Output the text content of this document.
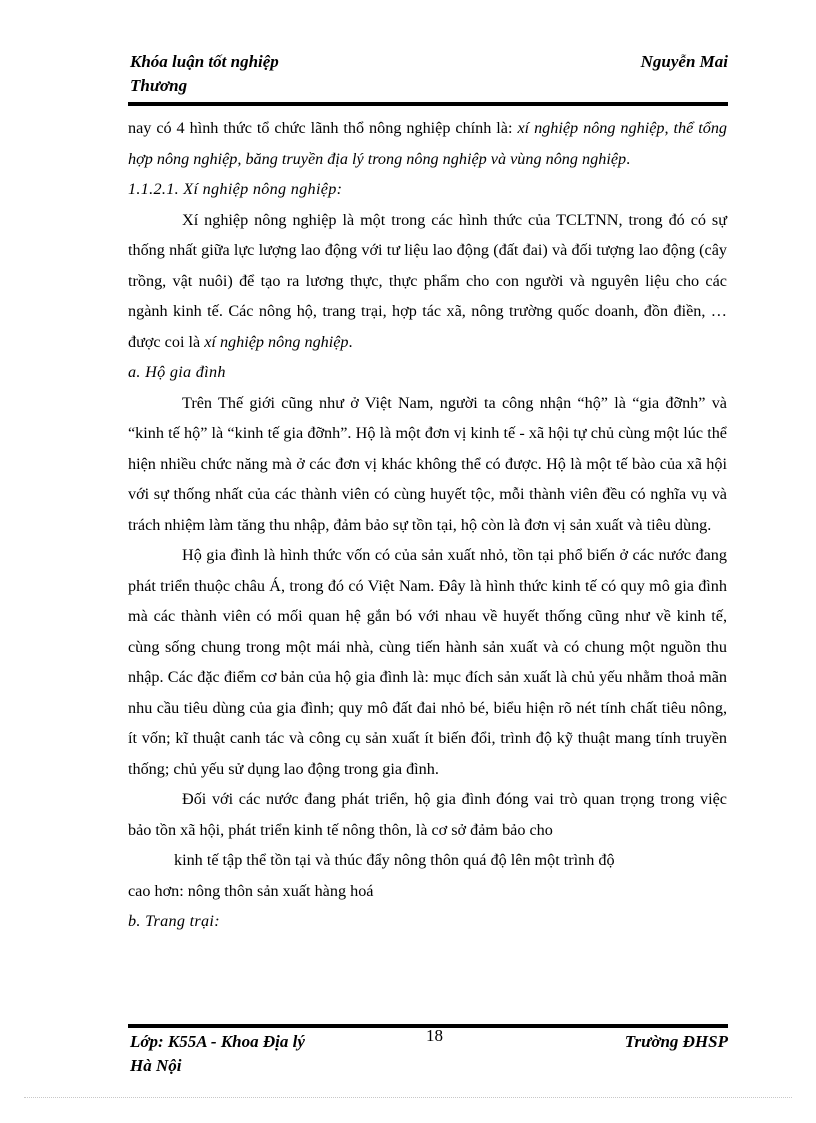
Khóa luận tốt nghiệp
Thương
Nguyễn Mai

nay có 4 hình thức tổ chức lãnh thổ nông nghiệp chính là: xí nghiệp nông nghiệp, thể tổng hợp nông nghiệp, băng truyền địa lý trong nông nghiệp và vùng nông nghiệp.

1.1.2.1. Xí nghiệp nông nghiệp:

Xí nghiệp nông nghiệp là một trong các hình thức của TCLTNN, trong đó có sự thống nhất giữa lực lượng lao động với tư liệu lao động (đất đai) và đối tượng lao động (cây trồng, vật nuôi) để tạo ra lương thực, thực phẩm cho con người và nguyên liệu cho các ngành kinh tế. Các nông hộ, trang trại, hợp tác xã, nông trường quốc doanh, đồn điền, … được coi là xí nghiệp nông nghiệp.

a. Hộ gia đình

Trên Thế giới cũng như ở Việt Nam, người ta công nhận “hộ” là “gia đỡnh” và “kinh tế hộ” là “kinh tế gia đỡnh”. Hộ là một đơn vị kinh tế - xã hội tự chủ cùng một lúc thể hiện nhiều chức năng mà ở các đơn vị khác không thể có được. Hộ là một tế bào của xã hội với sự thống nhất của các thành viên có cùng huyết tộc, mỗi thành viên đều có nghĩa vụ và trách nhiệm làm tăng thu nhập, đảm bảo sự tồn tại, hộ còn là đơn vị sản xuất và tiêu dùng.

Hộ gia đình là hình thức vốn có của sản xuất nhỏ, tồn tại phổ biến ở các nước đang phát triển thuộc châu Á, trong đó có Việt Nam. Đây là hình thức kinh tế có quy mô gia đình mà các thành viên có mối quan hệ gắn bó với nhau về huyết thống cũng như về kinh tế, cùng sống chung trong một mái nhà, cùng tiến hành sản xuất và có chung một nguồn thu nhập. Các đặc điểm cơ bản của hộ gia đình là: mục đích sản xuất là chủ yếu nhằm thoả mãn nhu cầu tiêu dùng của gia đình; quy mô đất đai nhỏ bé, biểu hiện rõ nét tính chất tiêu nông, ít vốn; kĩ thuật canh tác và công cụ sản xuất ít biến đổi, trình độ kỹ thuật mang tính truyền thống; chủ yếu sử dụng lao động trong gia đình.

Đối với các nước đang phát triển, hộ gia đình đóng vai trò quan trọng trong việc bảo tồn xã hội, phát triển kinh tế nông thôn, là cơ sở đảm bảo cho

kinh tế tập thể tồn tại và thúc đẩy nông thôn quá độ lên một trình độ

cao hơn: nông thôn sản xuất hàng hoá

b. Trang trại:

Lớp: K55A - Khoa Địa lý
Hà Nội
18	Trường ĐHSP
